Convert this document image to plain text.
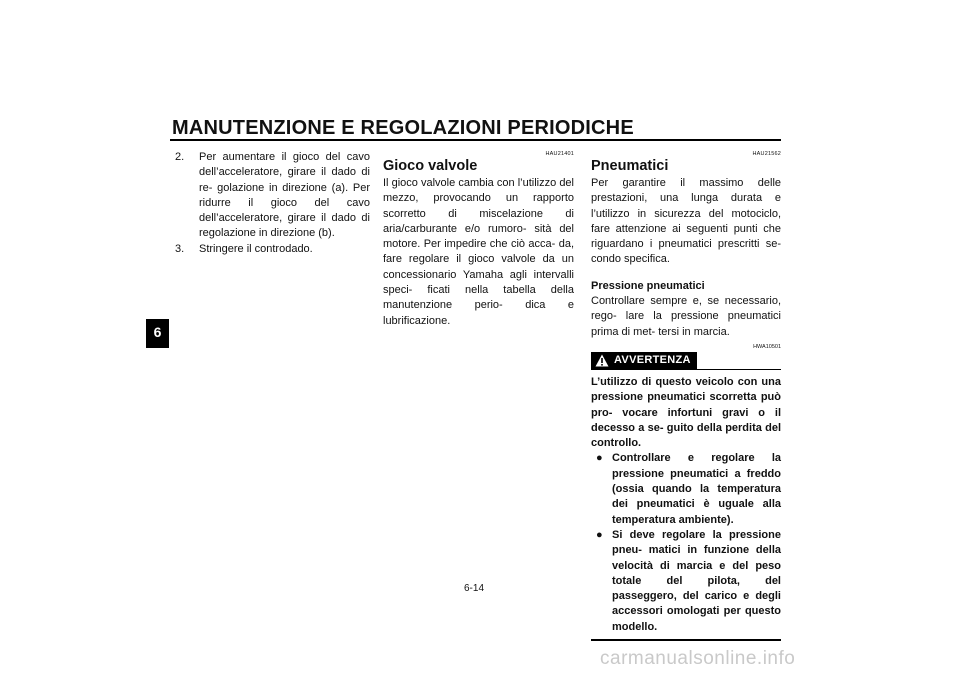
MANUTENZIONE E REGOLAZIONI PERIODICHE
6

2. Per aumentare il gioco del cavo dell’acceleratore, girare il dado di re- golazione in direzione (a). Per ridurre il gioco del cavo dell’acceleratore, girare il dado di regolazione in direzione (b).

3. Stringere il controdado.

HAU21401
Gioco valvole
Il gioco valvole cambia con l’utilizzo del mezzo, provocando un rapporto scorretto di miscelazione di aria/carburante e/o rumoro- sità del motore. Per impedire che ciò acca- da, fare regolare il gioco valvole da un concessionario Yamaha agli intervalli speci- ficati nella tabella della manutenzione perio- dica e lubrificazione.
HAU21562
Pneumatici
Per garantire il massimo delle prestazioni, una lunga durata e l’utilizzo in sicurezza del motociclo, fare attenzione ai seguenti punti che riguardano i pneumatici prescritti se- condo specifica.
Pressione pneumatici
Controllare sempre e, se necessario, rego- lare la pressione pneumatici prima di met- tersi in marcia.
HWA10501
AVVERTENZA
L’utilizzo di questo veicolo con una pressione pneumatici scorretta può pro- vocare infortuni gravi o il decesso a se- guito della perdita del controllo.
● Controllare e regolare la pressione pneumatici a freddo (ossia quando la temperatura dei pneumatici è uguale alla temperatura ambiente).
● Si deve regolare la pressione pneu- matici in funzione della velocità di marcia e del peso totale del pilota, del passeggero, del carico e degli accessori omologati per questo modello.
6-14
carmanualsonline.info
